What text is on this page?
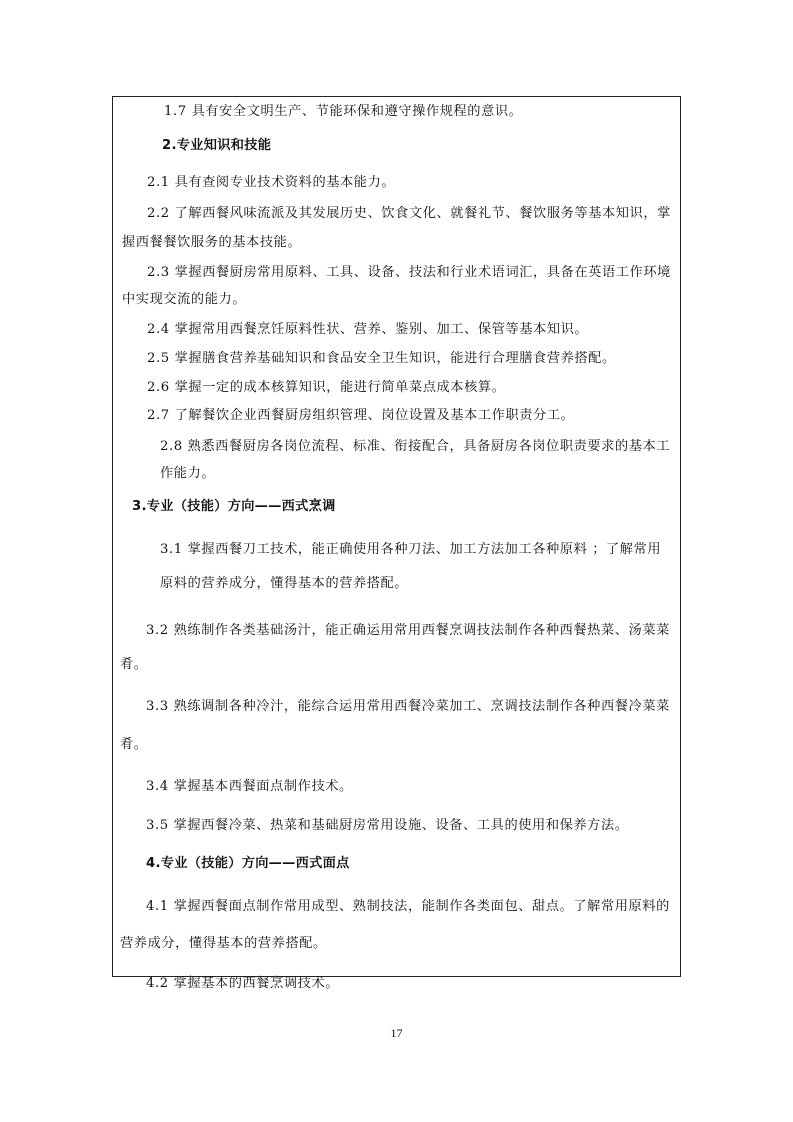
1.7 具有安全文明生产、节能环保和遵守操作规程的意识。
2.专业知识和技能
2.1 具有查阅专业技术资料的基本能力。
2.2 了解西餐风味流派及其发展历史、饮食文化、就餐礼节、餐饮服务等基本知识，掌
握西餐餐饮服务的基本技能。
2.3 掌握西餐厨房常用原料、工具、设备、技法和行业术语词汇，具备在英语工作环境
中实现交流的能力。
2.4 掌握常用西餐烹饪原料性状、营养、鉴别、加工、保管等基本知识。
2.5 掌握膳食营养基础知识和食品安全卫生知识，能进行合理膳食营养搭配。
2.6 掌握一定的成本核算知识，能进行简单菜点成本核算。
2.7 了解餐饮企业西餐厨房组织管理、岗位设置及基本工作职责分工。
2.8 熟悉西餐厨房各岗位流程、标准、衔接配合，具备厨房各岗位职责要求的基本工
作能力。
3.专业（技能）方向——西式烹调
3.1 掌握西餐刀工技术，能正确使用各种刀法、加工方法加工各种原料 ；了解常用
原料的营养成分，懂得基本的营养搭配。
3.2 熟练制作各类基础汤汁，能正确运用常用西餐烹调技法制作各种西餐热菜、汤菜菜
肴。
3.3 熟练调制各种冷汁，能综合运用常用西餐冷菜加工、烹调技法制作各种西餐冷菜菜
肴。
3.4 掌握基本西餐面点制作技术。
3.5 掌握西餐冷菜、热菜和基础厨房常用设施、设备、工具的使用和保养方法。
4.专业（技能）方向——西式面点
4.1 掌握西餐面点制作常用成型、熟制技法，能制作各类面包、甜点。了解常用原料的
营养成分，懂得基本的营养搭配。
4.2 掌握基本的西餐烹调技术。
17
